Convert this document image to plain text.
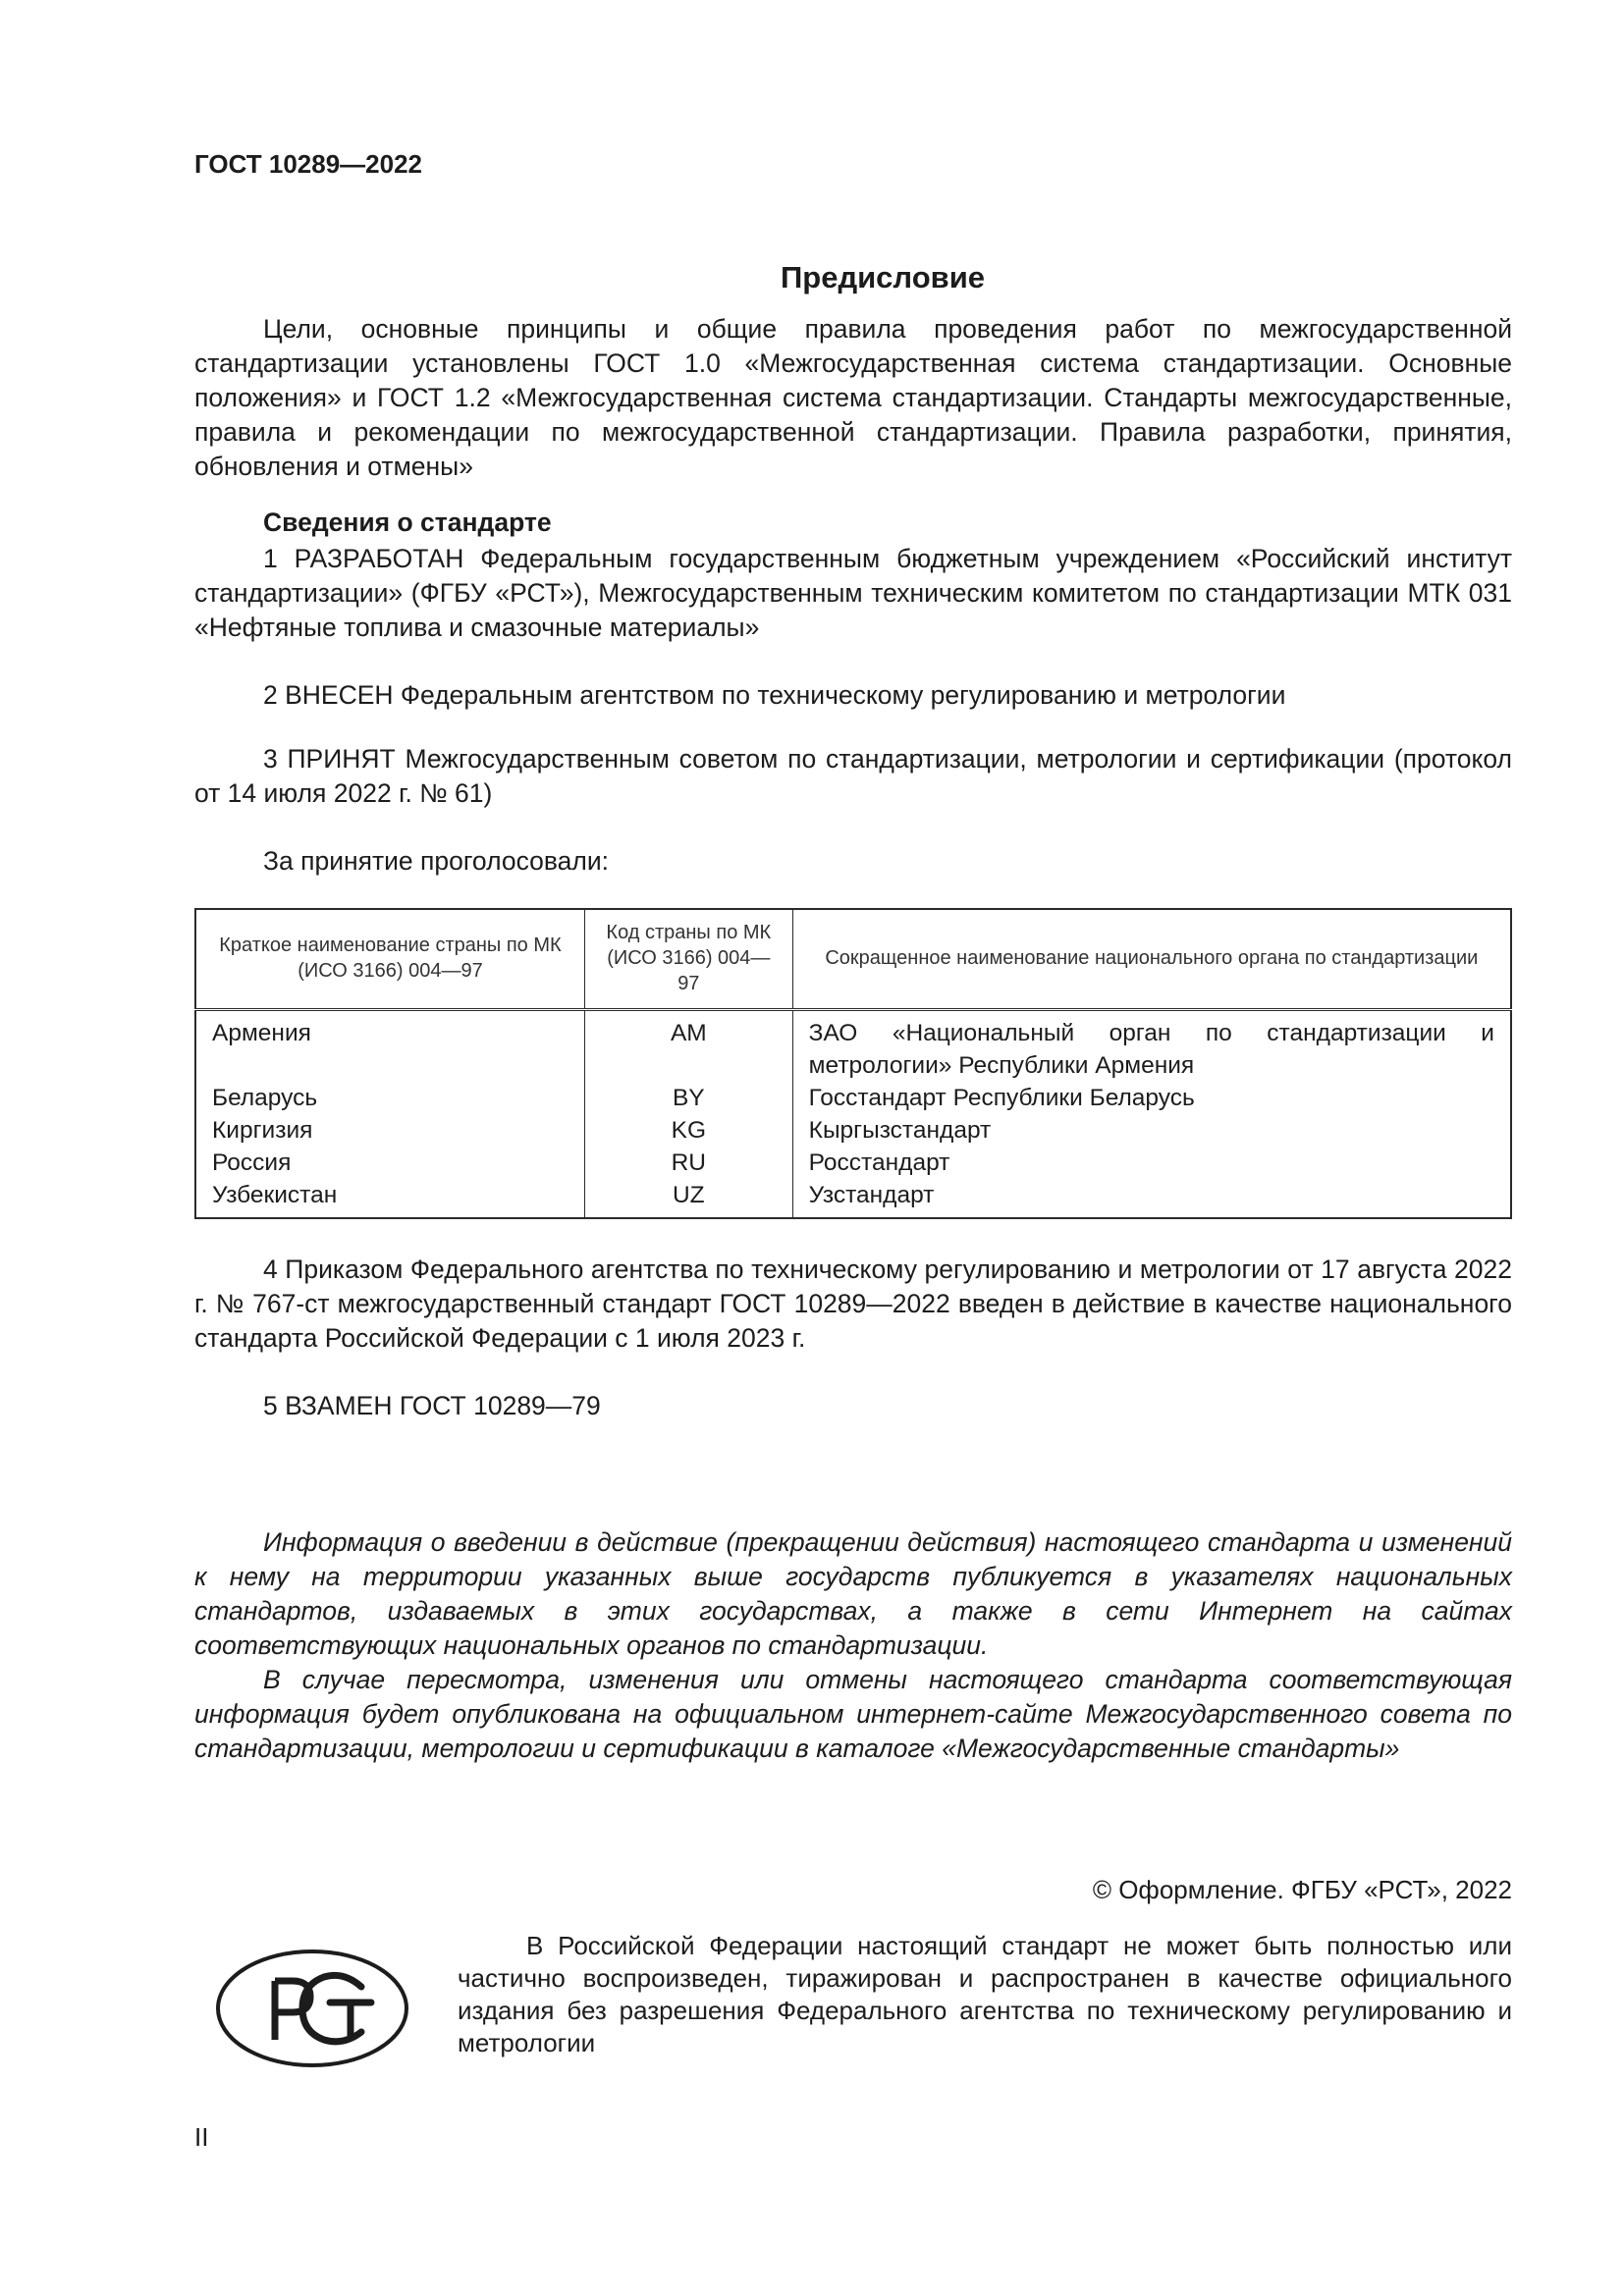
ГОСТ 10289—2022
Предисловие

Цели, основные принципы и общие правила проведения работ по межгосударственной стандартизации установлены ГОСТ 1.0 «Межгосударственная система стандартизации. Основные положения» и ГОСТ 1.2 «Межгосударственная система стандартизации. Стандарты межгосударственные, правила и рекомендации по межгосударственной стандартизации. Правила разработки, принятия, обновления и отмены»

Сведения о стандарте

1 РАЗРАБОТАН Федеральным государственным бюджетным учреждением «Российский институт стандартизации» (ФГБУ «РСТ»), Межгосударственным техническим комитетом по стандартизации МТК 031 «Нефтяные топлива и смазочные материалы»

2 ВНЕСЕН Федеральным агентством по техническому регулированию и метрологии

3 ПРИНЯТ Межгосударственным советом по стандартизации, метрологии и сертификации (протокол от 14 июля 2022 г. № 61)

За принятие проголосовали:

Краткое наименование страны по МК (ИСО 3166) 004—97	Код страны по МК (ИСО 3166) 004—97	Сокращенное наименование национального органа по стандартизации
Армения	AM	ЗАО «Национальный орган по стандартизации и метрологии» Республики Армения
Беларусь	BY	Госстандарт Республики Беларусь
Киргизия	KG	Кыргызстандарт
Россия	RU	Росстандарт
Узбекистан	UZ	Узстандарт

4 Приказом Федерального агентства по техническому регулированию и метрологии от 17 августа 2022 г. № 767-ст межгосударственный стандарт ГОСТ 10289—2022 введен в действие в качестве национального стандарта Российской Федерации с 1 июля 2023 г.

5 ВЗАМЕН ГОСТ 10289—79

Информация о введении в действие (прекращении действия) настоящего стандарта и изменений к нему на территории указанных выше государств публикуется в указателях национальных стандартов, издаваемых в этих государствах, а также в сети Интернет на сайтах соответствующих национальных органов по стандартизации.

В случае пересмотра, изменения или отмены настоящего стандарта соответствующая информация будет опубликована на официальном интернет-сайте Межгосударственного совета по стандартизации, метрологии и сертификации в каталоге «Межгосударственные стандарты»

© Оформление. ФГБУ «РСТ», 2022
В Российской Федерации настоящий стандарт не может быть полностью или частично воспроизведен, тиражирован и распространен в качестве официального издания без разрешения Федерального агентства по техническому регулированию и метрологии
II
